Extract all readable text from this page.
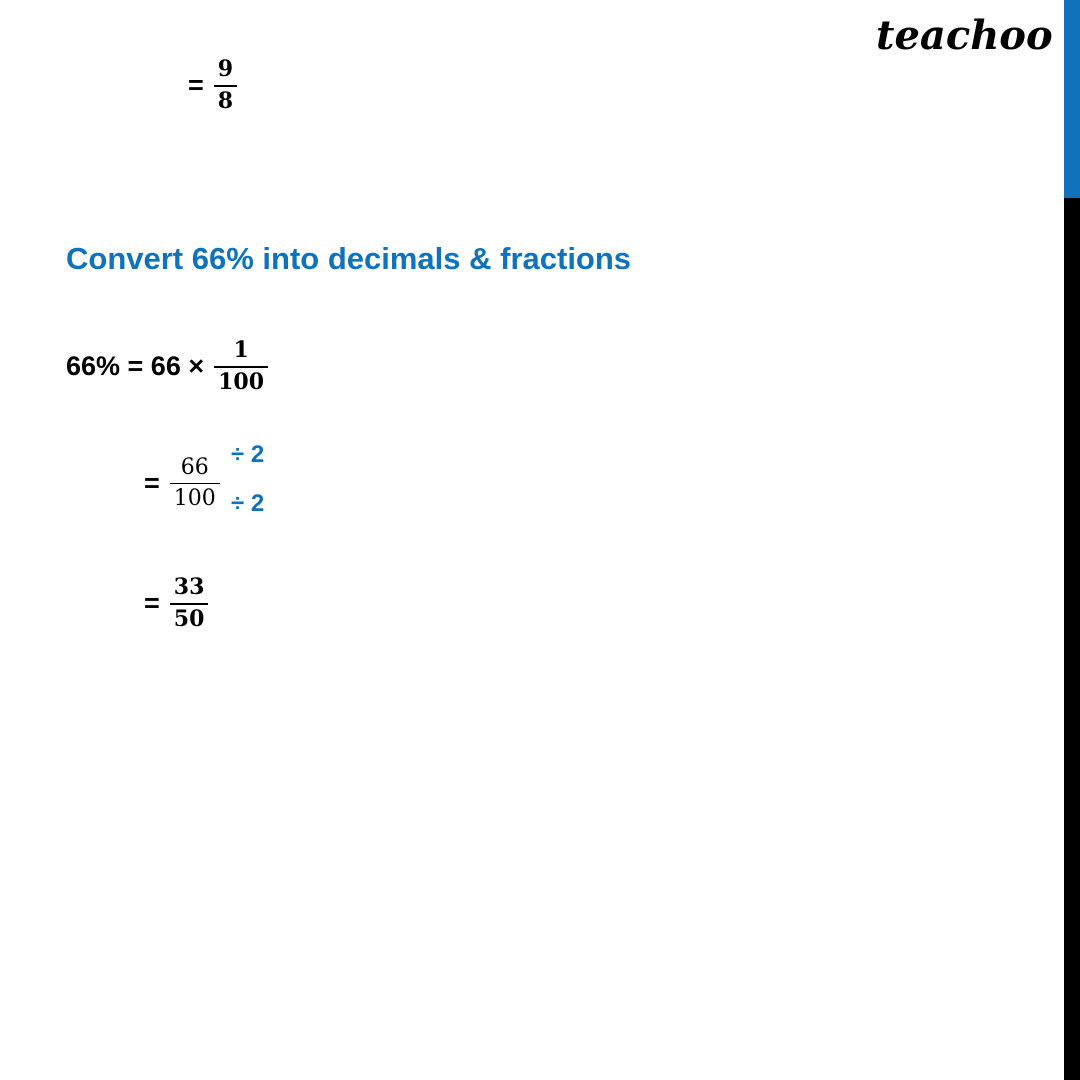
teachoo
= $\frac{9}{8}$
Convert 66% into decimals & fractions
$66\% = 66 \times \frac{1}{100}$
= $\frac{66}{100}$
÷ 2
÷ 2
= $\frac{33}{50}$
